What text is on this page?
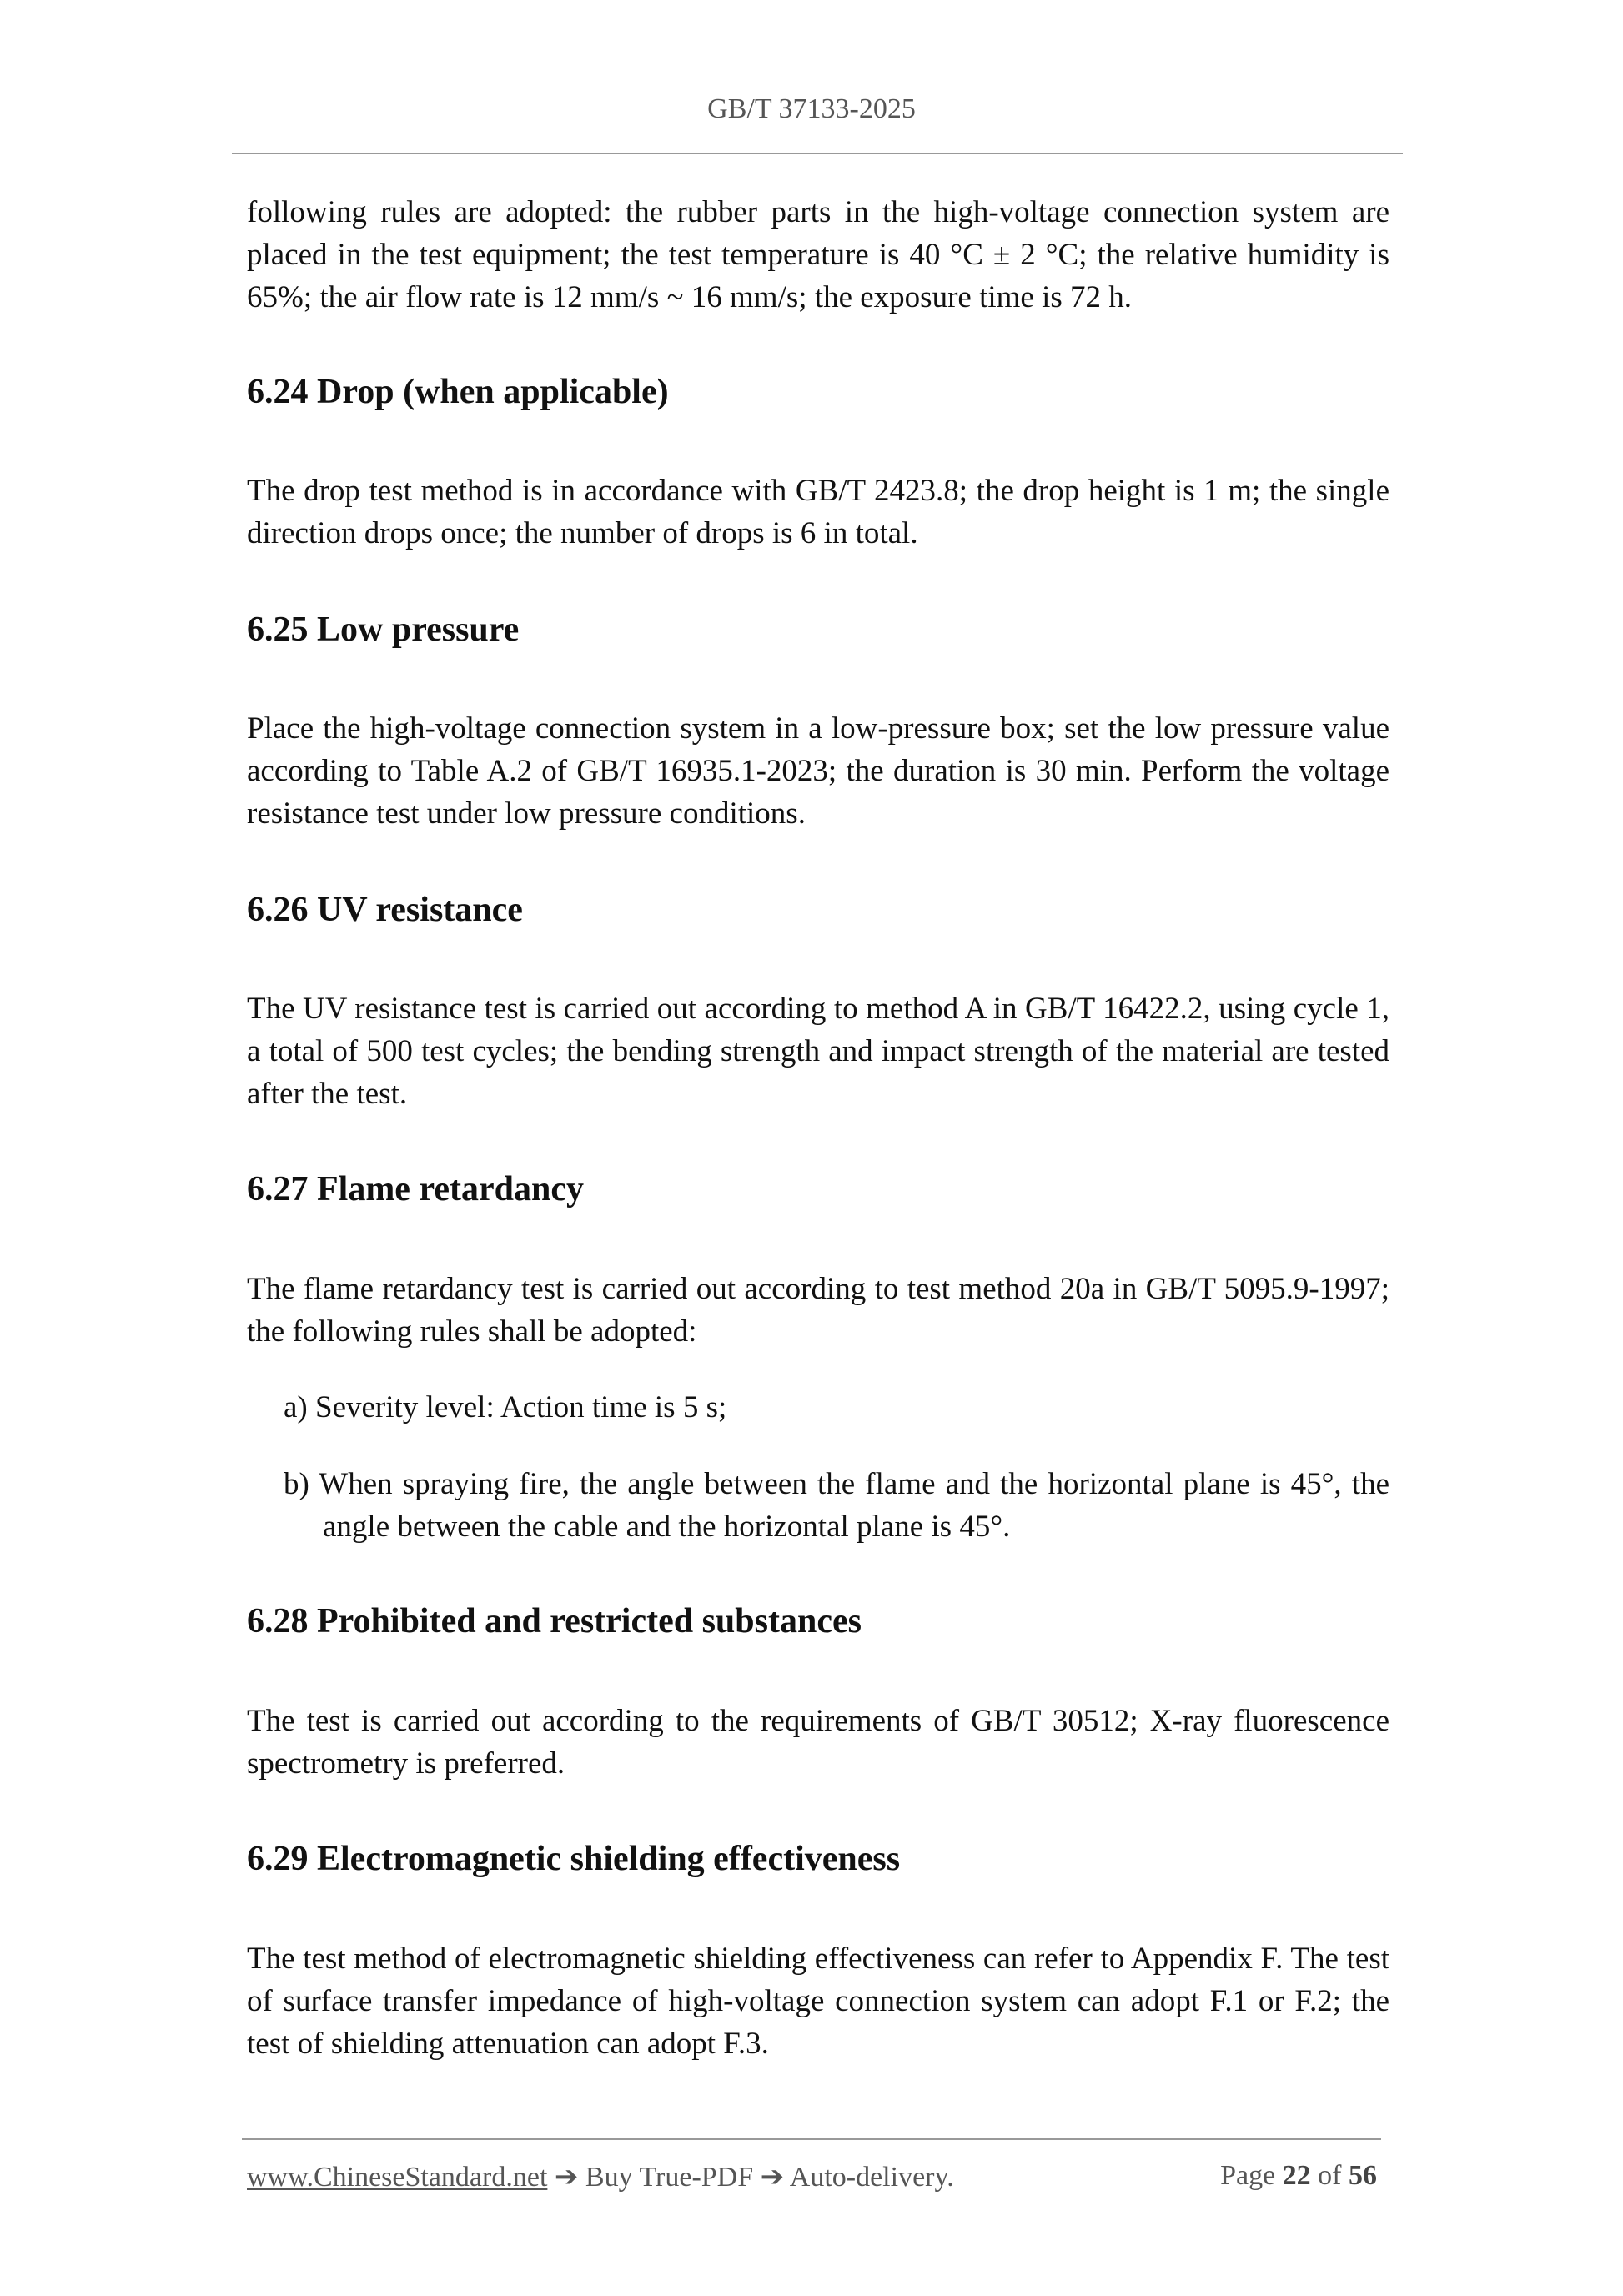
GB/T 37133-2025
following rules are adopted: the rubber parts in the high-voltage connection system are placed in the test equipment; the test temperature is 40 °C ± 2 °C; the relative humidity is 65%; the air flow rate is 12 mm/s ~ 16 mm/s; the exposure time is 72 h.
6.24 Drop (when applicable)
The drop test method is in accordance with GB/T 2423.8; the drop height is 1 m; the single direction drops once; the number of drops is 6 in total.
6.25 Low pressure
Place the high-voltage connection system in a low-pressure box; set the low pressure value according to Table A.2 of GB/T 16935.1-2023; the duration is 30 min. Perform the voltage resistance test under low pressure conditions.
6.26 UV resistance
The UV resistance test is carried out according to method A in GB/T 16422.2, using cycle 1, a total of 500 test cycles; the bending strength and impact strength of the material are tested after the test.
6.27 Flame retardancy
The flame retardancy test is carried out according to test method 20a in GB/T 5095.9-1997; the following rules shall be adopted:
a) Severity level: Action time is 5 s;
b) When spraying fire, the angle between the flame and the horizontal plane is 45°, the angle between the cable and the horizontal plane is 45°.
6.28 Prohibited and restricted substances
The test is carried out according to the requirements of GB/T 30512; X-ray fluorescence spectrometry is preferred.
6.29 Electromagnetic shielding effectiveness
The test method of electromagnetic shielding effectiveness can refer to Appendix F. The test of surface transfer impedance of high-voltage connection system can adopt F.1 or F.2; the test of shielding attenuation can adopt F.3.
www.ChineseStandard.net ➔ Buy True-PDF ➔ Auto-delivery.	Page 22 of 56
